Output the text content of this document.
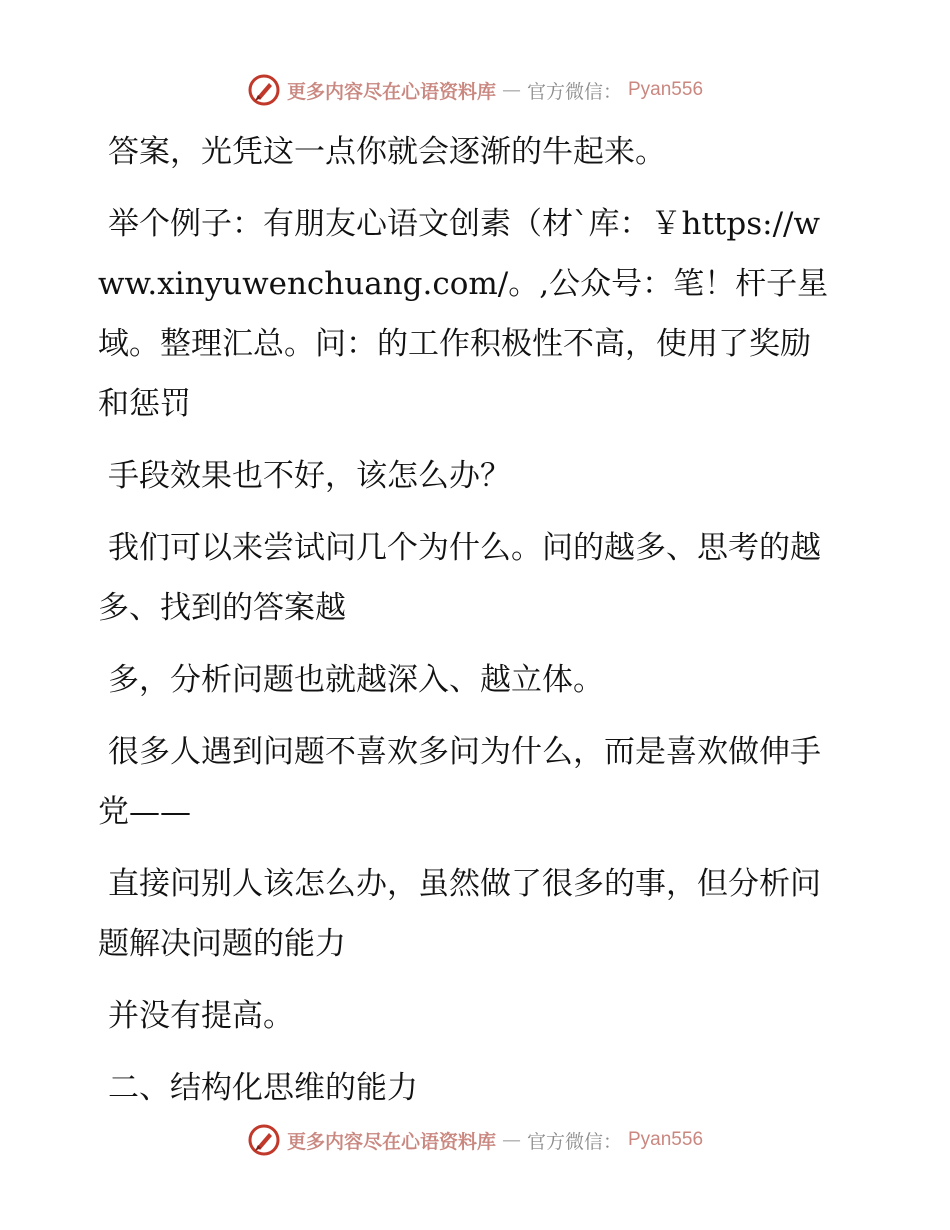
更多内容尽在心语资料库 — 官方微信： Pyan556

答案，光凭这一点你就会逐渐的牛起来。

举个例子：有朋友心语文创素（材`库：￥https://www.xinyuwenchuang.com/。,公众号：笔！杆子星域。整理汇总。问：的工作积极性不高，使用了奖励和惩罚

手段效果也不好，该怎么办？

我们可以来尝试问几个为什么。问的越多、思考的越多、找到的答案越

多，分析问题也就越深入、越立体。

很多人遇到问题不喜欢多问为什么，而是喜欢做伸手党——

直接问别人该怎么办，虽然做了很多的事，但分析问题解决问题的能力

并没有提高。

二、结构化思维的能力

更多内容尽在心语资料库 — 官方微信： Pyan556
